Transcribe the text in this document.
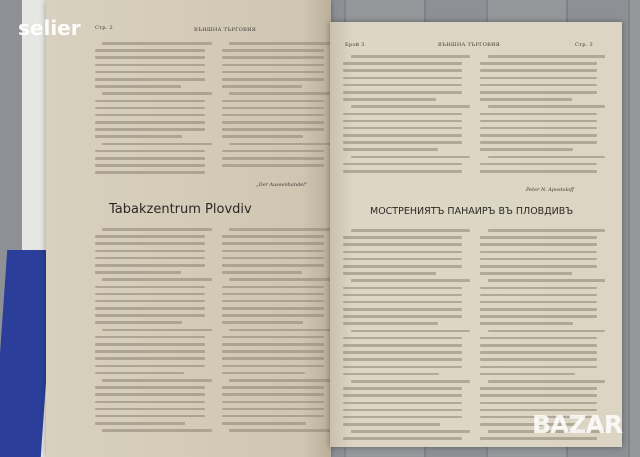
Стр. 2	ВЪНШНА ТЪРГОВИЯ
„Der Aussenhandel"
Tabakzentrum Plovdiv
Брой 3	ВЪНШНА ТЪРГОВИЯ	Стр. 3
Peter N. Apostoloff
МОСТРЕНИЯТЪ ПАНАИРЪ ВЪ ПЛОВДИВЪ
selier
BAZAR
